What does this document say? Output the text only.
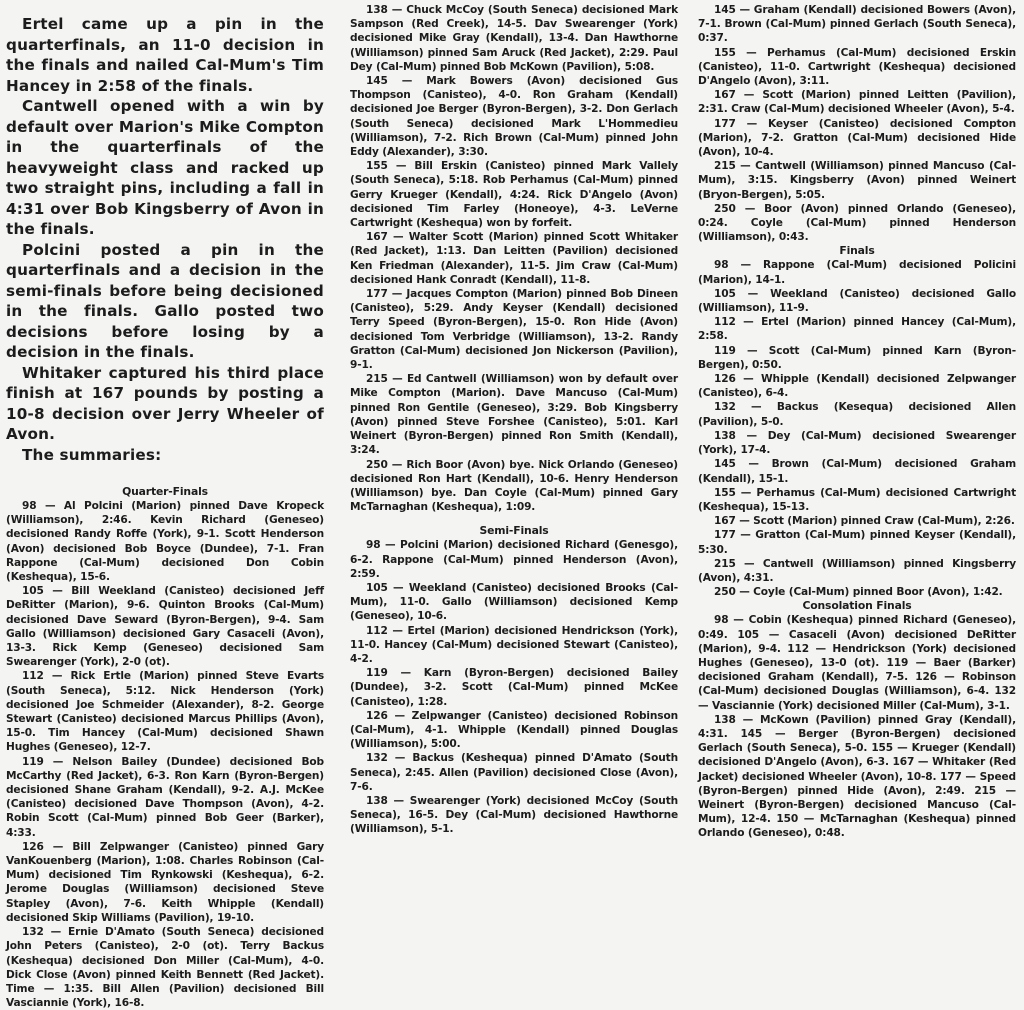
Ertel came up a pin in the quarterfinals, an 11-0 decision in the finals and nailed Cal-Mum's Tim Hancey in 2:58 of the finals.

Cantwell opened with a win by default over Marion's Mike Compton in the quarterfinals of the heavyweight class and racked up two straight pins, including a fall in 4:31 over Bob Kingsberry of Avon in the finals.

Polcini posted a pin in the quarterfinals and a decision in the semi-finals before being decisioned in the finals. Gallo posted two decisions before losing by a decision in the finals.

Whitaker captured his third place finish at 167 pounds by posting a 10-8 decision over Jerry Wheeler of Avon.

The summaries:

Quarter-Finals

98 — Al Polcini (Marion) pinned Dave Kropeck (Williamson), 2:46. Kevin Richard (Geneseo) decisioned Randy Roffe (York), 9-1. Scott Henderson (Avon) decisioned Bob Boyce (Dundee), 7-1. Fran Rappone (Cal-Mum) decisioned Don Cobin (Keshequa), 15-6.

105 — Bill Weekland (Canisteo) decisioned Jeff DeRitter (Marion), 9-6. Quinton Brooks (Cal-Mum) decisioned Dave Seward (Byron-Bergen), 9-4. Sam Gallo (Williamson) decisioned Gary Casaceli (Avon), 13-3. Rick Kemp (Geneseo) decisioned Sam Swearenger (York), 2-0 (ot).

112 — Rick Ertle (Marion) pinned Steve Evarts (South Seneca), 5:12. Nick Henderson (York) decisioned Joe Schmeider (Alexander), 8-2. George Stewart (Canisteo) decisioned Marcus Phillips (Avon), 15-0. Tim Hancey (Cal-Mum) decisioned Shawn Hughes (Geneseo), 12-7.

119 — Nelson Bailey (Dundee) decisioned Bob McCarthy (Red Jacket), 6-3. Ron Karn (Byron-Bergen) decisioned Shane Graham (Kendall), 9-2. A.J. McKee (Canisteo) decisioned Dave Thompson (Avon), 4-2. Robin Scott (Cal-Mum) pinned Bob Geer (Barker), 4:33.

126 — Bill Zelpwanger (Canisteo) pinned Gary VanKouenberg (Marion), 1:08. Charles Robinson (Cal-Mum) decisioned Tim Rynkowski (Keshequa), 6-2. Jerome Douglas (Williamson) decisioned Steve Stapley (Avon), 7-6. Keith Whipple (Kendall) decisioned Skip Williams (Pavilion), 19-10.

132 — Ernie D'Amato (South Seneca) decisioned John Peters (Canisteo), 2-0 (ot). Terry Backus (Keshequa) decisioned Don Miller (Cal-Mum), 4-0. Dick Close (Avon) pinned Keith Bennett (Red Jacket). Time — 1:35. Bill Allen (Pavilion) decisioned Bill Vasciannie (York), 16-8.

138 — Chuck McCoy (South Seneca) decisioned Mark Sampson (Red Creek), 14-5. Dav Swearenger (York) decisioned Mike Gray (Kendall), 13-4. Dan Hawthorne (Williamson) pinned Sam Aruck (Red Jacket), 2:29. Paul Dey (Cal-Mum) pinned Bob McKown (Pavilion), 5:08.

145 — Mark Bowers (Avon) decisioned Gus Thompson (Canisteo), 4-0. Ron Graham (Kendall) decisioned Joe Berger (Byron-Bergen), 3-2. Don Gerlach (South Seneca) decisioned Mark L'Hommedieu (Williamson), 7-2. Rich Brown (Cal-Mum) pinned John Eddy (Alexander), 3:30.

155 — Bill Erskin (Canisteo) pinned Mark Vallely (South Seneca), 5:18. Rob Perhamus (Cal-Mum) pinned Gerry Krueger (Kendall), 4:24. Rick D'Angelo (Avon) decisioned Tim Farley (Honeoye), 4-3. LeVerne Cartwright (Keshequa) won by forfeit.

167 — Walter Scott (Marion) pinned Scott Whitaker (Red Jacket), 1:13. Dan Leitten (Pavilion) decisioned Ken Friedman (Alexander), 11-5. Jim Craw (Cal-Mum) decisioned Hank Conradt (Kendall), 11-8.

177 — Jacques Compton (Marion) pinned Bob Dineen (Canisteo), 5:29. Andy Keyser (Kendall) decisioned Terry Speed (Byron-Bergen), 15-0. Ron Hide (Avon) decisioned Tom Verbridge (Williamson), 13-2. Randy Gratton (Cal-Mum) decisioned Jon Nickerson (Pavilion), 9-1.

215 — Ed Cantwell (Williamson) won by default over Mike Compton (Marion). Dave Mancuso (Cal-Mum) pinned Ron Gentile (Geneseo), 3:29. Bob Kingsberry (Avon) pinned Steve Forshee (Canisteo), 5:01. Karl Weinert (Byron-Bergen) pinned Ron Smith (Kendall), 3:24.

250 — Rich Boor (Avon) bye. Nick Orlando (Geneseo) decisioned Ron Hart (Kendall), 10-6. Henry Henderson (Williamson) bye. Dan Coyle (Cal-Mum) pinned Gary McTarnaghan (Keshequa), 1:09.

Semi-Finals

98 — Polcini (Marion) decisioned Richard (Genesgo), 6-2. Rappone (Cal-Mum) pinned Henderson (Avon), 2:59.

105 — Weekland (Canisteo) decisioned Brooks (Cal-Mum), 11-0. Gallo (Williamson) decisioned Kemp (Geneseo), 10-6.

112 — Ertel (Marion) decisioned Hendrickson (York), 11-0. Hancey (Cal-Mum) decisioned Stewart (Canisteo), 4-2.

119 — Karn (Byron-Bergen) decisioned Bailey (Dundee), 3-2. Scott (Cal-Mum) pinned McKee (Canisteo), 1:28.

126 — Zelpwanger (Canisteo) decisioned Robinson (Cal-Mum), 4-1. Whipple (Kendall) pinned Douglas (Williamson), 5:00.

132 — Backus (Keshequa) pinned D'Amato (South Seneca), 2:45. Allen (Pavilion) decisioned Close (Avon), 7-6.

138 — Swearenger (York) decisioned McCoy (South Seneca), 16-5. Dey (Cal-Mum) decisioned Hawthorne (Williamson), 5-1.

145 — Graham (Kendall) decisioned Bowers (Avon), 7-1. Brown (Cal-Mum) pinned Gerlach (South Seneca), 0:37.

155 — Perhamus (Cal-Mum) decisioned Erskin (Canisteo), 11-0. Cartwright (Keshequa) decisioned D'Angelo (Avon), 3:11.

167 — Scott (Marion) pinned Leitten (Pavilion), 2:31. Craw (Cal-Mum) decisioned Wheeler (Avon), 5-4.

177 — Keyser (Canisteo) decisioned Compton (Marion), 7-2. Gratton (Cal-Mum) decisioned Hide (Avon), 10-4.

215 — Cantwell (Williamson) pinned Mancuso (Cal-Mum), 3:15. Kingsberry (Avon) pinned Weinert (Bryon-Bergen), 5:05.

250 — Boor (Avon) pinned Orlando (Geneseo), 0:24. Coyle (Cal-Mum) pinned Henderson (Williamson), 0:43.

Finals

98 — Rappone (Cal-Mum) decisioned Policini (Marion), 14-1.

105 — Weekland (Canisteo) decisioned Gallo (Williamson), 11-9.

112 — Ertel (Marion) pinned Hancey (Cal-Mum), 2:58.

119 — Scott (Cal-Mum) pinned Karn (Byron-Bergen), 0:50.

126 — Whipple (Kendall) decisioned Zelpwanger (Canisteo), 6-4.

132 — Backus (Kesequa) decisioned Allen (Pavilion), 5-0.

138 — Dey (Cal-Mum) decisioned Swearenger (York), 17-4.

145 — Brown (Cal-Mum) decisioned Graham (Kendall), 15-1.

155 — Perhamus (Cal-Mum) decisioned Cartwright (Keshequa), 15-13.

167 — Scott (Marion) pinned Craw (Cal-Mum), 2:26.

177 — Gratton (Cal-Mum) pinned Keyser (Kendall), 5:30.

215 — Cantwell (Williamson) pinned Kingsberry (Avon), 4:31.

250 — Coyle (Cal-Mum) pinned Boor (Avon), 1:42.

Consolation Finals

98 — Cobin (Keshequa) pinned Richard (Geneseo), 0:49. 105 — Casaceli (Avon) decisioned DeRitter (Marion), 9-4. 112 — Hendrickson (York) decisioned Hughes (Geneseo), 13-0 (ot). 119 — Baer (Barker) decisioned Graham (Kendall), 7-5. 126 — Robinson (Cal-Mum) decisioned Douglas (Williamson), 6-4. 132 — Vasciannie (York) decisioned Miller (Cal-Mum), 3-1.

138 — McKown (Pavilion) pinned Gray (Kendall), 4:31. 145 — Berger (Byron-Bergen) decisioned Gerlach (South Seneca), 5-0. 155 — Krueger (Kendall) decisioned D'Angelo (Avon), 6-3. 167 — Whitaker (Red Jacket) decisioned Wheeler (Avon), 10-8. 177 — Speed (Byron-Bergen) pinned Hide (Avon), 2:49. 215 — Weinert (Byron-Bergen) decisioned Mancuso (Cal-Mum), 12-4. 150 — McTarnaghan (Keshequa) pinned Orlando (Geneseo), 0:48.
